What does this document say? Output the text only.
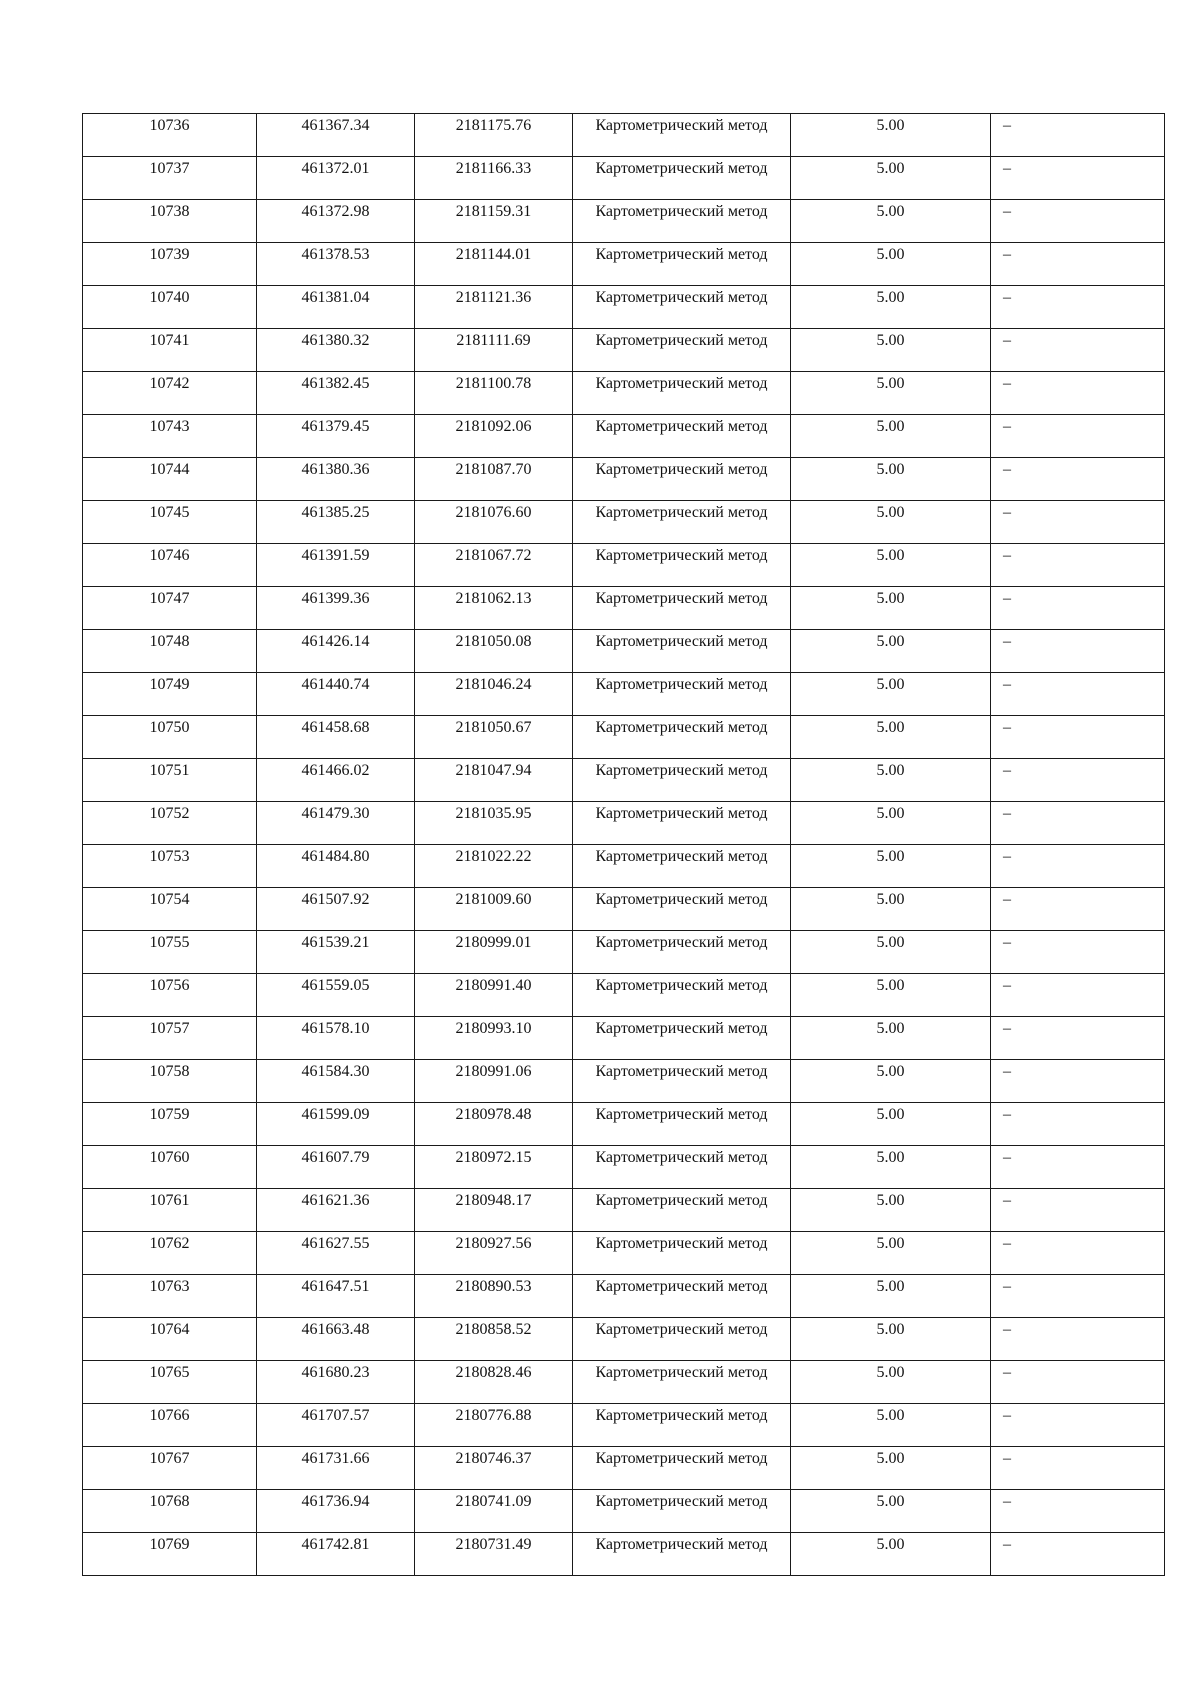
10736	461367.34	2181175.76	Картометрический метод	5.00	–

10737	461372.01	2181166.33	Картометрический метод	5.00	–

10738	461372.98	2181159.31	Картометрический метод	5.00	–

10739	461378.53	2181144.01	Картометрический метод	5.00	–

10740	461381.04	2181121.36	Картометрический метод	5.00	–

10741	461380.32	2181111.69	Картометрический метод	5.00	–

10742	461382.45	2181100.78	Картометрический метод	5.00	–

10743	461379.45	2181092.06	Картометрический метод	5.00	–

10744	461380.36	2181087.70	Картометрический метод	5.00	–

10745	461385.25	2181076.60	Картометрический метод	5.00	–

10746	461391.59	2181067.72	Картометрический метод	5.00	–

10747	461399.36	2181062.13	Картометрический метод	5.00	–

10748	461426.14	2181050.08	Картометрический метод	5.00	–

10749	461440.74	2181046.24	Картометрический метод	5.00	–

10750	461458.68	2181050.67	Картометрический метод	5.00	–

10751	461466.02	2181047.94	Картометрический метод	5.00	–

10752	461479.30	2181035.95	Картометрический метод	5.00	–

10753	461484.80	2181022.22	Картометрический метод	5.00	–

10754	461507.92	2181009.60	Картометрический метод	5.00	–

10755	461539.21	2180999.01	Картометрический метод	5.00	–

10756	461559.05	2180991.40	Картометрический метод	5.00	–

10757	461578.10	2180993.10	Картометрический метод	5.00	–

10758	461584.30	2180991.06	Картометрический метод	5.00	–

10759	461599.09	2180978.48	Картометрический метод	5.00	–

10760	461607.79	2180972.15	Картометрический метод	5.00	–

10761	461621.36	2180948.17	Картометрический метод	5.00	–

10762	461627.55	2180927.56	Картометрический метод	5.00	–

10763	461647.51	2180890.53	Картометрический метод	5.00	–

10764	461663.48	2180858.52	Картометрический метод	5.00	–

10765	461680.23	2180828.46	Картометрический метод	5.00	–

10766	461707.57	2180776.88	Картометрический метод	5.00	–

10767	461731.66	2180746.37	Картометрический метод	5.00	–

10768	461736.94	2180741.09	Картометрический метод	5.00	–

10769	461742.81	2180731.49	Картометрический метод	5.00	–
